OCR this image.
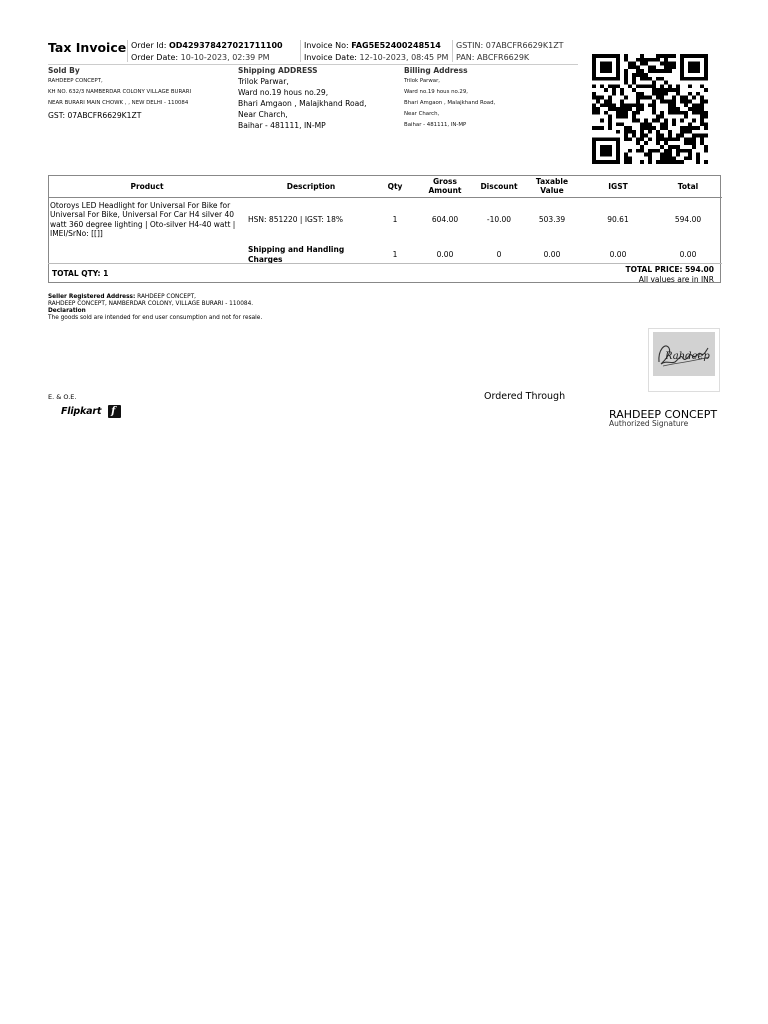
Tax Invoice Order Id: OD429378427021711100
Order Date: 10-10-2023, 02:39 PM
Invoice No: FAG5E52400248514
Invoice Date: 12-10-2023, 08:45 PM
GSTIN: 07ABCFR6629K1ZT
PAN: ABCFR6629K
Sold By
RAHDEEP CONCEPT,
KH NO. 632/3 NAMBERDAR COLONY VILLAGE BURARI
NEAR BURARI MAIN CHOWK , , NEW DELHI - 110084
GST: 07ABCFR6629K1ZT
Shipping ADDRESS
Trilok Parwar,
Ward no.19 hous no.29,
Bhari Amgaon , Malajkhand Road,
Near Charch,
Baihar - 481111, IN-MP
Billing Address
Trilok Parwar,
Ward no.19 hous no.29,
Bhari Amgaon , Malajkhand Road,
Near Charch,
Baihar - 481111, IN-MP
Product	Description	Qty	Gross Amount	Discount	Taxable Value	IGST	Total

Otoroys LED Headlight for Universal For Bike for Universal For Bike, Universal For Car H4 silver 40 watt 360 degree lighting | Oto-silver H4-40 watt |
IMEI/SrNo: [[]]	HSN: 851220 | IGST: 18%	1	604.00	-10.00	503.39	90.61	594.00
	Shipping and Handling Charges	1	0.00	0	0.00	0.00	0.00
TOTAL QTY: 1	TOTAL PRICE: 594.00
All values are in INR
Seller Registered Address: RAHDEEP CONCEPT,
RAHDEEP CONCEPT, NAMBERDAR COLONY, VILLAGE BURARI - 110084.
Declaration
The goods sold are intended for end user consumption and not for resale.
Rahdeep
Ordered Through
RAHDEEP CONCEPT
Authorized Signature
E. & O.E.
Flipkart f
